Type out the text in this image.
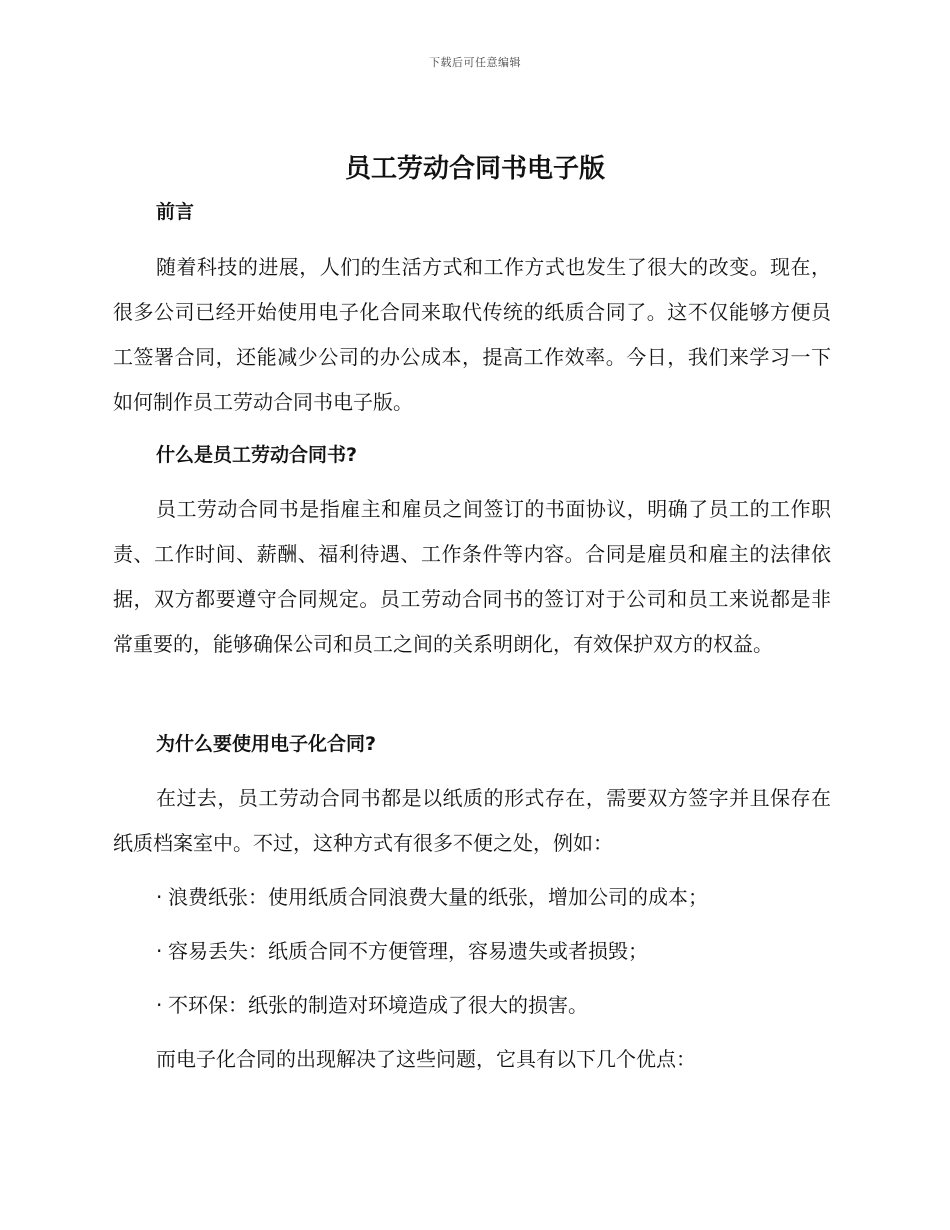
下载后可任意编辑
员工劳动合同书电子版
前言

随着科技的进展，人们的生活方式和工作方式也发生了很大的改变。现在，很多公司已经开始使用电子化合同来取代传统的纸质合同了。这不仅能够方便员工签署合同，还能减少公司的办公成本，提高工作效率。今日，我们来学习一下如何制作员工劳动合同书电子版。

什么是员工劳动合同书?

员工劳动合同书是指雇主和雇员之间签订的书面协议，明确了员工的工作职责、工作时间、薪酬、福利待遇、工作条件等内容。合同是雇员和雇主的法律依据，双方都要遵守合同规定。员工劳动合同书的签订对于公司和员工来说都是非常重要的，能够确保公司和员工之间的关系明朗化，有效保护双方的权益。

为什么要使用电子化合同?

在过去，员工劳动合同书都是以纸质的形式存在，需要双方签字并且保存在纸质档案室中。不过，这种方式有很多不便之处，例如：

· 浪费纸张：使用纸质合同浪费大量的纸张，增加公司的成本；
· 容易丢失：纸质合同不方便管理，容易遗失或者损毁；
· 不环保：纸张的制造对环境造成了很大的损害。
而电子化合同的出现解决了这些问题，它具有以下几个优点：
